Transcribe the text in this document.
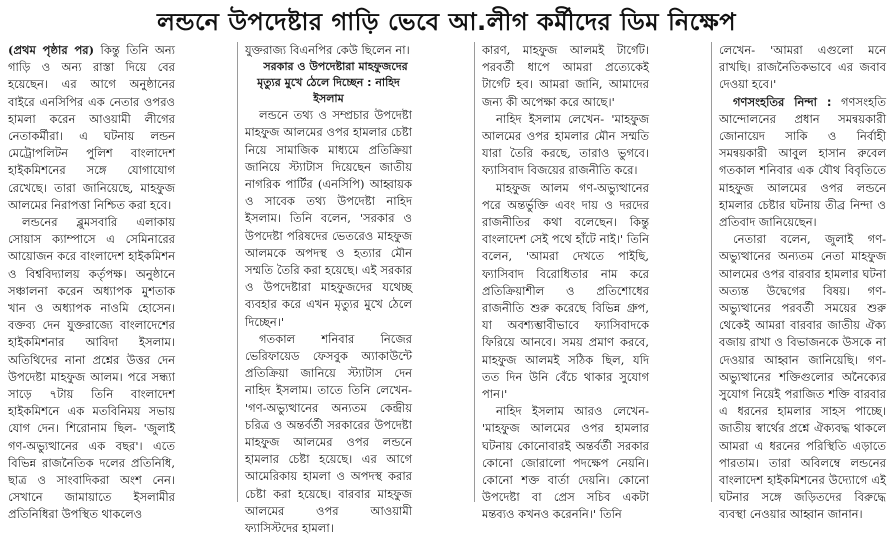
লন্ডনে উপদেষ্টার গাড়ি ভেবে আ.লীগ কর্মীদের ডিম নিক্ষেপ

(প্রথম পৃষ্ঠার পর) কিন্তু তিনি অন্য গাড়ি ও অন্য রাস্তা দিয়ে বের হয়েছেন। এর আগে অনুষ্ঠানের বাইরে এনসিপির এক নেতার ওপরও হামলা করেন আওয়ামী লীগের নেতাকর্মীরা। এ ঘটনায় লন্ডন মেট্রোপলিটন পুলিশ বাংলাদেশ হাইকমিশনের সঙ্গে যোগাযোগ রেখেছে। তারা জানিয়েছে, মাহফুজ আলমের নিরাপত্তা নিশ্চিত করা হবে।

লন্ডনের ব্লুমসবারি এলাকায় সোয়াস ক্যাম্পাসে এ সেমিনারের আয়োজন করে বাংলাদেশ হাইকমিশন ও বিশ্ববিদ্যালয় কর্তৃপক্ষ। অনুষ্ঠানে সঞ্চালনা করেন অধ্যাপক মুশতাক খান ও অধ্যাপক নাওমি হোসেন। বক্তব্য দেন যুক্তরাজ্যে বাংলাদেশের হাইকমিশনার আবিদা ইসলাম। অতিথিদের নানা প্রশ্নের উত্তর দেন উপদেষ্টা মাহফুজ আলম। পরে সন্ধ্যা সাড়ে ৭টায় তিনি বাংলাদেশ হাইকমিশনে এক মতবিনিময় সভায় যোগ দেন। শিরোনাম ছিল- 'জুলাই গণ-অভ্যুত্থানের এক বছর'। এতে বিভিন্ন রাজনৈতিক দলের প্রতিনিধি, ছাত্র ও সাংবাদিকরা অংশ নেন। সেখানে জামায়াতে ইসলামীর প্রতিনিধিরা উপস্থিত থাকলেও

যুক্তরাজ্য বিএনপির কেউ ছিলেন না।

সরকার ও উপদেষ্টারা মাহফুজদের মৃত্যুর মুখে ঠেলে দিচ্ছেন : নাহিদ ইসলাম

লন্ডনে তথ্য ও সম্প্রচার উপদেষ্টা মাহফুজ আলমের ওপর হামলার চেষ্টা নিয়ে সামাজিক মাধ্যমে প্রতিক্রিয়া জানিয়ে স্ট্যাটাস দিয়েছেন জাতীয় নাগরিক পার্টির (এনসিপি) আহ্বায়ক ও সাবেক তথ্য উপদেষ্টা নাহিদ ইসলাম। তিনি বলেন, 'সরকার ও উপদেষ্টা পরিষদের ভেতরেও মাহফুজ আলমকে অপদস্থ ও হত্যার মৌন সম্মতি তৈরি করা হয়েছে। এই সরকার ও উপদেষ্টারা মাহফুজদের যথেচ্ছ ব্যবহার করে এখন মৃত্যুর মুখে ঠেলে দিচ্ছেন।'

গতকাল শনিবার নিজের ভেরিফায়েড ফেসবুক অ্যাকাউন্টে প্রতিক্রিয়া জানিয়ে স্ট্যাটাস দেন নাহিদ ইসলাম। তাতে তিনি লেখেন- 'গণ-অভ্যুত্থানের অন্যতম কেন্দ্রীয় চরিত্র ও অন্তর্বর্তী সরকারের উপদেষ্টা মাহফুজ আলমের ওপর লন্ডনে হামলার চেষ্টা হয়েছে। এর আগে আমেরিকায় হামলা ও অপদস্থ করার চেষ্টা করা হয়েছে। বারবার মাহফুজ আলমের ওপর আওয়ামী ফ্যাসিস্টদের হামলা।

কারণ, মাহফুজ আলমই টার্গেট। পরবর্তী ধাপে আমরা প্রত্যেকেই টার্গেট হব। আমরা জানি, আমাদের জন্য কী অপেক্ষা করে আছে।'

নাহিদ ইসলাম লেখেন- 'মাহফুজ আলমের ওপর হামলার মৌন সম্মতি যারা তৈরি করছে, তারাও ভুগবে। ফ্যাসিবাদ বিজয়ের রাজনীতি করে।

মাহফুজ আলম গণ-অভ্যুত্থানের পরে অন্তর্ভুক্তি এবং দায় ও দরদের রাজনীতির কথা বলেছেন। কিন্তু বাংলাদেশ সেই পথে হাঁটে নাই।' তিনি বলেন, 'আমরা দেখতে পাইছি, ফ্যাসিবাদ বিরোধিতার নাম করে প্রতিক্রিয়াশীল ও প্রতিশোধের রাজনীতি শুরু করেছে বিভিন্ন গ্রুপ, যা অবশ্যম্ভাবীভাবে ফ্যাসিবাদকে ফিরিয়ে আনবে। সময় প্রমাণ করবে, মাহফুজ আলমই সঠিক ছিল, যদি তত দিন উনি বেঁচে থাকার সুযোগ পান।'

নাহিদ ইসলাম আরও লেখেন- 'মাহফুজ আলমের ওপর হামলার ঘটনায় কোনোবারই অন্তর্বর্তী সরকার কোনো জোরালো পদক্ষেপ নেয়নি। কোনো শক্ত বার্তা দেয়নি। কোনো উপদেষ্টা বা প্রেস সচিব একটা মন্তব্যও কখনও করেননি।' তিনি

লেখেন- 'আমরা এগুলো মনে রাখছি। রাজনৈতিকভাবে এর জবাব দেওয়া হবে।'

গণসংহতির নিন্দা : গণসংহতি আন্দোলনের প্রধান সমন্বয়কারী জোনায়েদ সাকি ও নির্বাহী সমন্বয়কারী আবুল হাসান রুবেল গতকাল শনিবার এক যৌথ বিবৃতিতে মাহফুজ আলমের ওপর লন্ডনে হামলার চেষ্টার ঘটনায় তীব্র নিন্দা ও প্রতিবাদ জানিয়েছেন।

নেতারা বলেন, জুলাই গণ-অভ্যুত্থানের অন্যতম নেতা মাহফুজ আলমের ওপর বারবার হামলার ঘটনা অত্যন্ত উদ্বেগের বিষয়। গণ-অভ্যুত্থানের পরবর্তী সময়ের শুরু থেকেই আমরা বারবার জাতীয় ঐক্য বজায় রাখা ও বিভাজনকে উসকে না দেওয়ার আহ্বান জানিয়েছি। গণ-অভ্যুত্থানের শক্তিগুলোর অনৈক্যের সুযোগ নিয়েই পরাজিত শক্তি বারবার এ ধরনের হামলার সাহস পাচ্ছে। জাতীয় স্বার্থের প্রশ্নে ঐক্যবদ্ধ থাকলে আমরা এ ধরনের পরিস্থিতি এড়াতে পারতাম। তারা অবিলম্বে লন্ডনের বাংলাদেশ হাইকমিশনের উদ্যোগে এই ঘটনার সঙ্গে জড়িতদের বিরুদ্ধে ব্যবস্থা নেওয়ার আহ্বান জানান।
